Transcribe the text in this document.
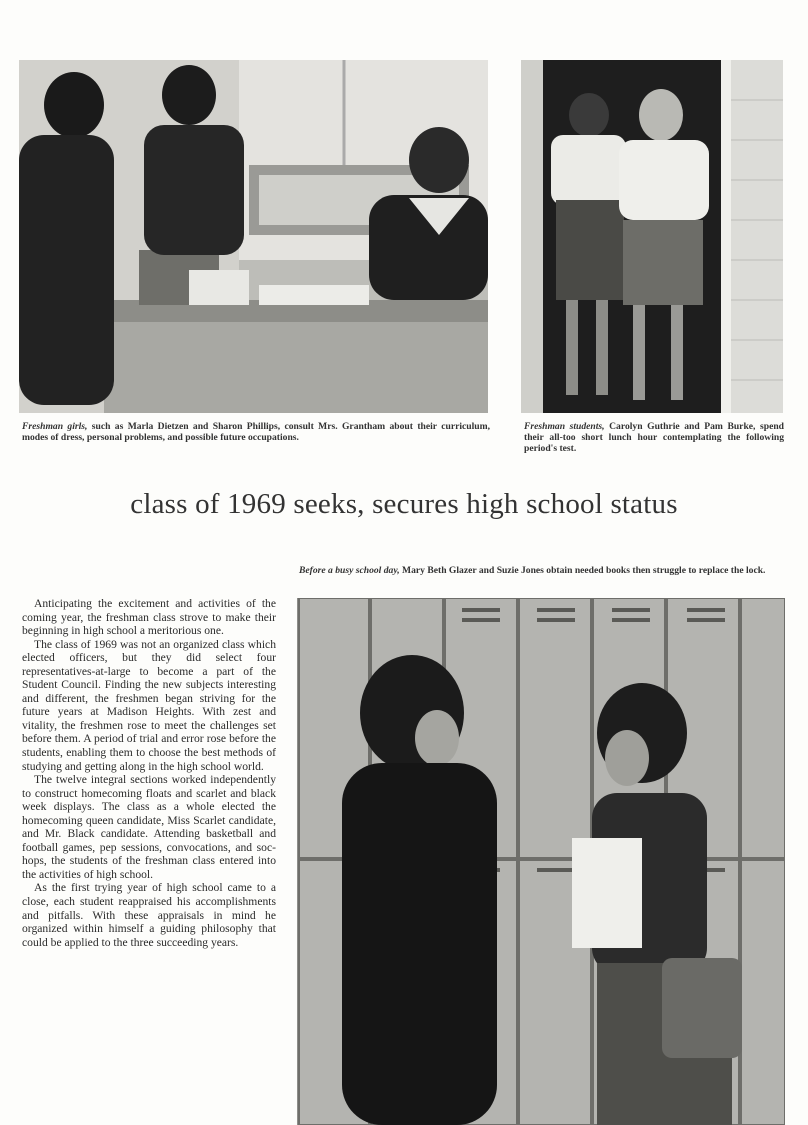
Freshman girls, such as Marla Dietzen and Sharon Phillips, consult Mrs. Grantham about their curriculum, modes of dress, personal problems, and possible future occupations.
Freshman students, Carolyn Guthrie and Pam Burke, spend their all-too short lunch hour contemplating the following period's test.
class of 1969 seeks, secures high school status
Before a busy school day, Mary Beth Glazer and Suzie Jones obtain needed books then struggle to replace the lock.

Anticipating the excitement and activities of the coming year, the freshman class strove to make their beginning in high school a meritorious one.

The class of 1969 was not an organized class which elected officers, but they did select four representatives-at-large to become a part of the Student Council. Finding the new subjects interesting and different, the freshmen began striving for the future years at Madison Heights. With zest and vitality, the freshmen rose to meet the challenges set before them. A period of trial and error rose before the students, enabling them to choose the best methods of studying and getting along in the high school world.

The twelve integral sections worked independently to construct homecoming floats and scarlet and black week displays. The class as a whole elected the homecoming queen candidate, Miss Scarlet candidate, and Mr. Black candidate. Attending basketball and football games, pep sessions, convocations, and soc-hops, the students of the freshman class entered into the activities of high school.

As the first trying year of high school came to a close, each student reappraised his accomplishments and pitfalls. With these appraisals in mind he organized within himself a guiding philosophy that could be applied to the three succeeding years.
